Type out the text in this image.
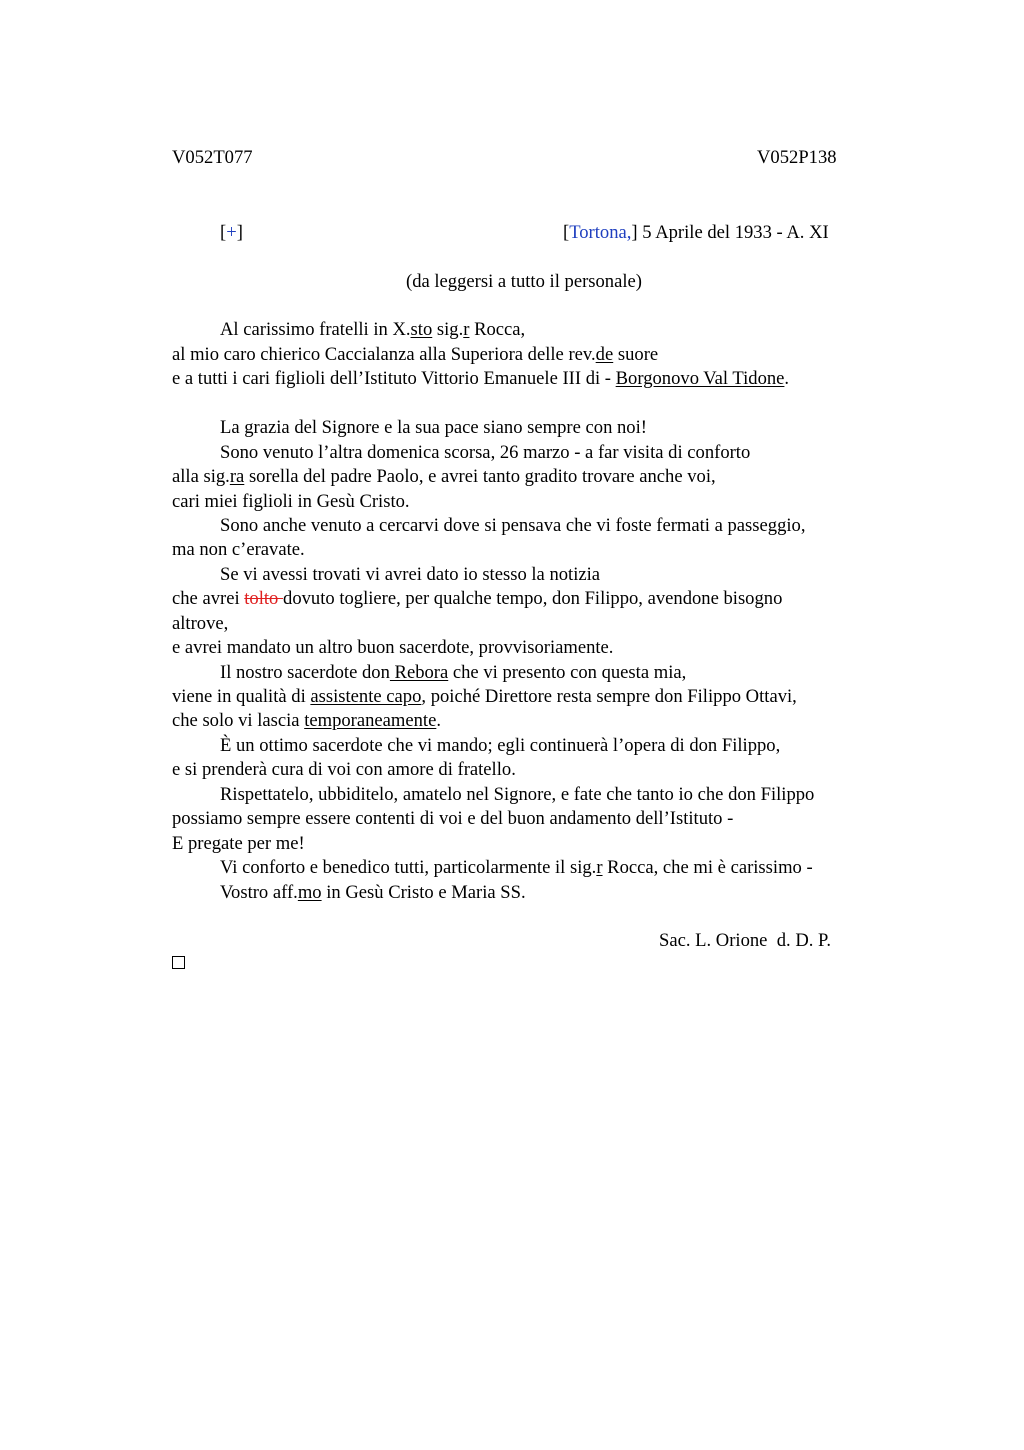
V052T077	V052P138
[+]	[Tortona,] 5 Aprile del 1933 - A. XI
(da leggersi a tutto il personale)
Al carissimo fratelli in X.sto sig.r Rocca,
al mio caro chierico Caccialanza alla Superiora delle rev.de suore
e a tutti i cari figlioli dell’Istituto Vittorio Emanuele III di - Borgonovo Val Tidone.
La grazia del Signore e la sua pace siano sempre con noi!
Sono venuto l’altra domenica scorsa, 26 marzo - a far visita di conforto
alla sig.ra sorella del padre Paolo, e avrei tanto gradito trovare anche voi,
cari miei figlioli in Gesù Cristo.
Sono anche venuto a cercarvi dove si pensava che vi foste fermati a passeggio,
ma non c’eravate.
Se vi avessi trovati vi avrei dato io stesso la notizia
che avrei tolto dovuto togliere, per qualche tempo, don Filippo, avendone bisogno
altrove,
e avrei mandato un altro buon sacerdote, provvisoriamente.
Il nostro sacerdote don Rebora che vi presento con questa mia,
viene in qualità di assistente capo, poiché Direttore resta sempre don Filippo Ottavi,
che solo vi lascia temporaneamente.
È un ottimo sacerdote che vi mando; egli continuerà l’opera di don Filippo,
e si prenderà cura di voi con amore di fratello.
Rispettatelo, ubbiditelo, amatelo nel Signore, e fate che tanto io che don Filippo
possiamo sempre essere contenti di voi e del buon andamento dell’Istituto -
E pregate per me!
Vi conforto e benedico tutti, particolarmente il sig.r Rocca, che mi è carissimo -
Vostro aff.mo in Gesù Cristo e Maria SS.
Sac. L. Orione  d. D. P.
